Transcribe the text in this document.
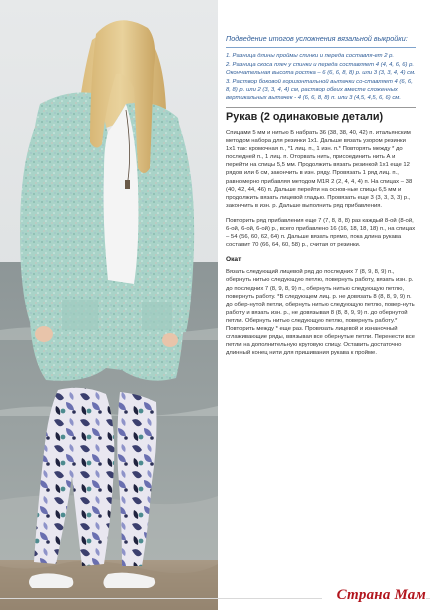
Подведение итогов усложнения вязальной выкройки:
1. Разница длины проймы спинки и переда составля-ет 2 р.
2. Разница скоса плеч у спинки и переда составляет 4 (4, 4, 6, 6) р. Окончательная высота ростка – 6 (6, 6, 8, 8) р. или 3 (3, 3, 4, 4) см.
3. Раствор боковой горизонтальной вытачки со-ставляет 4 (6, 6, 8, 8) р. или 2 (3, 3, 4, 4) см, раствор обеих вместе сложенных вертикальных вытачек - 4 (6, 6, 8, 8) п. или 3 (4,5, 4,5, 6, 6) см.
Рукав (2 одинаковые детали)
Спицами 5 мм и нитью Б набрать 36 (38, 38, 40, 42) п. итальянским методом набора для резинки 1х1. Дальше вязать узором резинки 1х1 так: кромочная п., *1 лиц. п., 1 изн. п.* Повторять между * до последней п., 1 лиц. п. Оторвать нить, присоединить нить А и перейти на спицы 5,5 мм. Продолжить вязать резинкой 1х1 еще 12 рядов или 6 см, закончить в изн. ряду. Провязать 1 ряд лиц. п., равномерно прибавляя методом M1R 2 (2, 4, 4, 4) п. На спицах – 38 (40, 42, 44, 46) п. Дальше перейти на основ-ные спицы 6,5 мм и продолжить вязать лицевой гладью. Провязать еще 3 (3, 3, 3, 3) р., закончить в изн. р. Дальше выполнить ряд прибавления.
Повторить ряд прибавления еще 7 (7, 8, 8, 8) раз каждый 8-ой (8-ой, 6-ой, 6-ой, 6-ой) р., всего прибавлено 16 (16, 18, 18, 18) п., на спицах – 54 (56, 60, 62, 64) п. Дальше вязать прямо, пока длина рукава составит 70 (66, 64, 60, 58) р., считая от резинки.
Окат
Вязать следующий лицевой ряд до последних 7 (8, 9, 8, 9) п., обернуть нитью следующую петлю, повернуть работу, вязать изн. р. до последних 7 (8, 9, 8, 9) п., обернуть нитью следующую петлю, повернуть работу. *В следующем лиц. р. не довязать 8 (8, 8, 9, 9) п. до обер-нутой петли, обернуть нитью следующую петлю, повер-нуть работу и вязать изн. р., не довязывая 8 (8, 8, 9, 9) п. до обернутой петли. Обернуть нитью следующую петлю, повернуть работу.* Повторить между * еще раз. Провязать лицевой и изнаночный сглаживающие ряды, ввязывая все обернутые петли. Перенести все петли на дополнительную круговую спицу. Оставить достаточно длинный конец нити для пришивания рукава к пройме.
Страна Мам
